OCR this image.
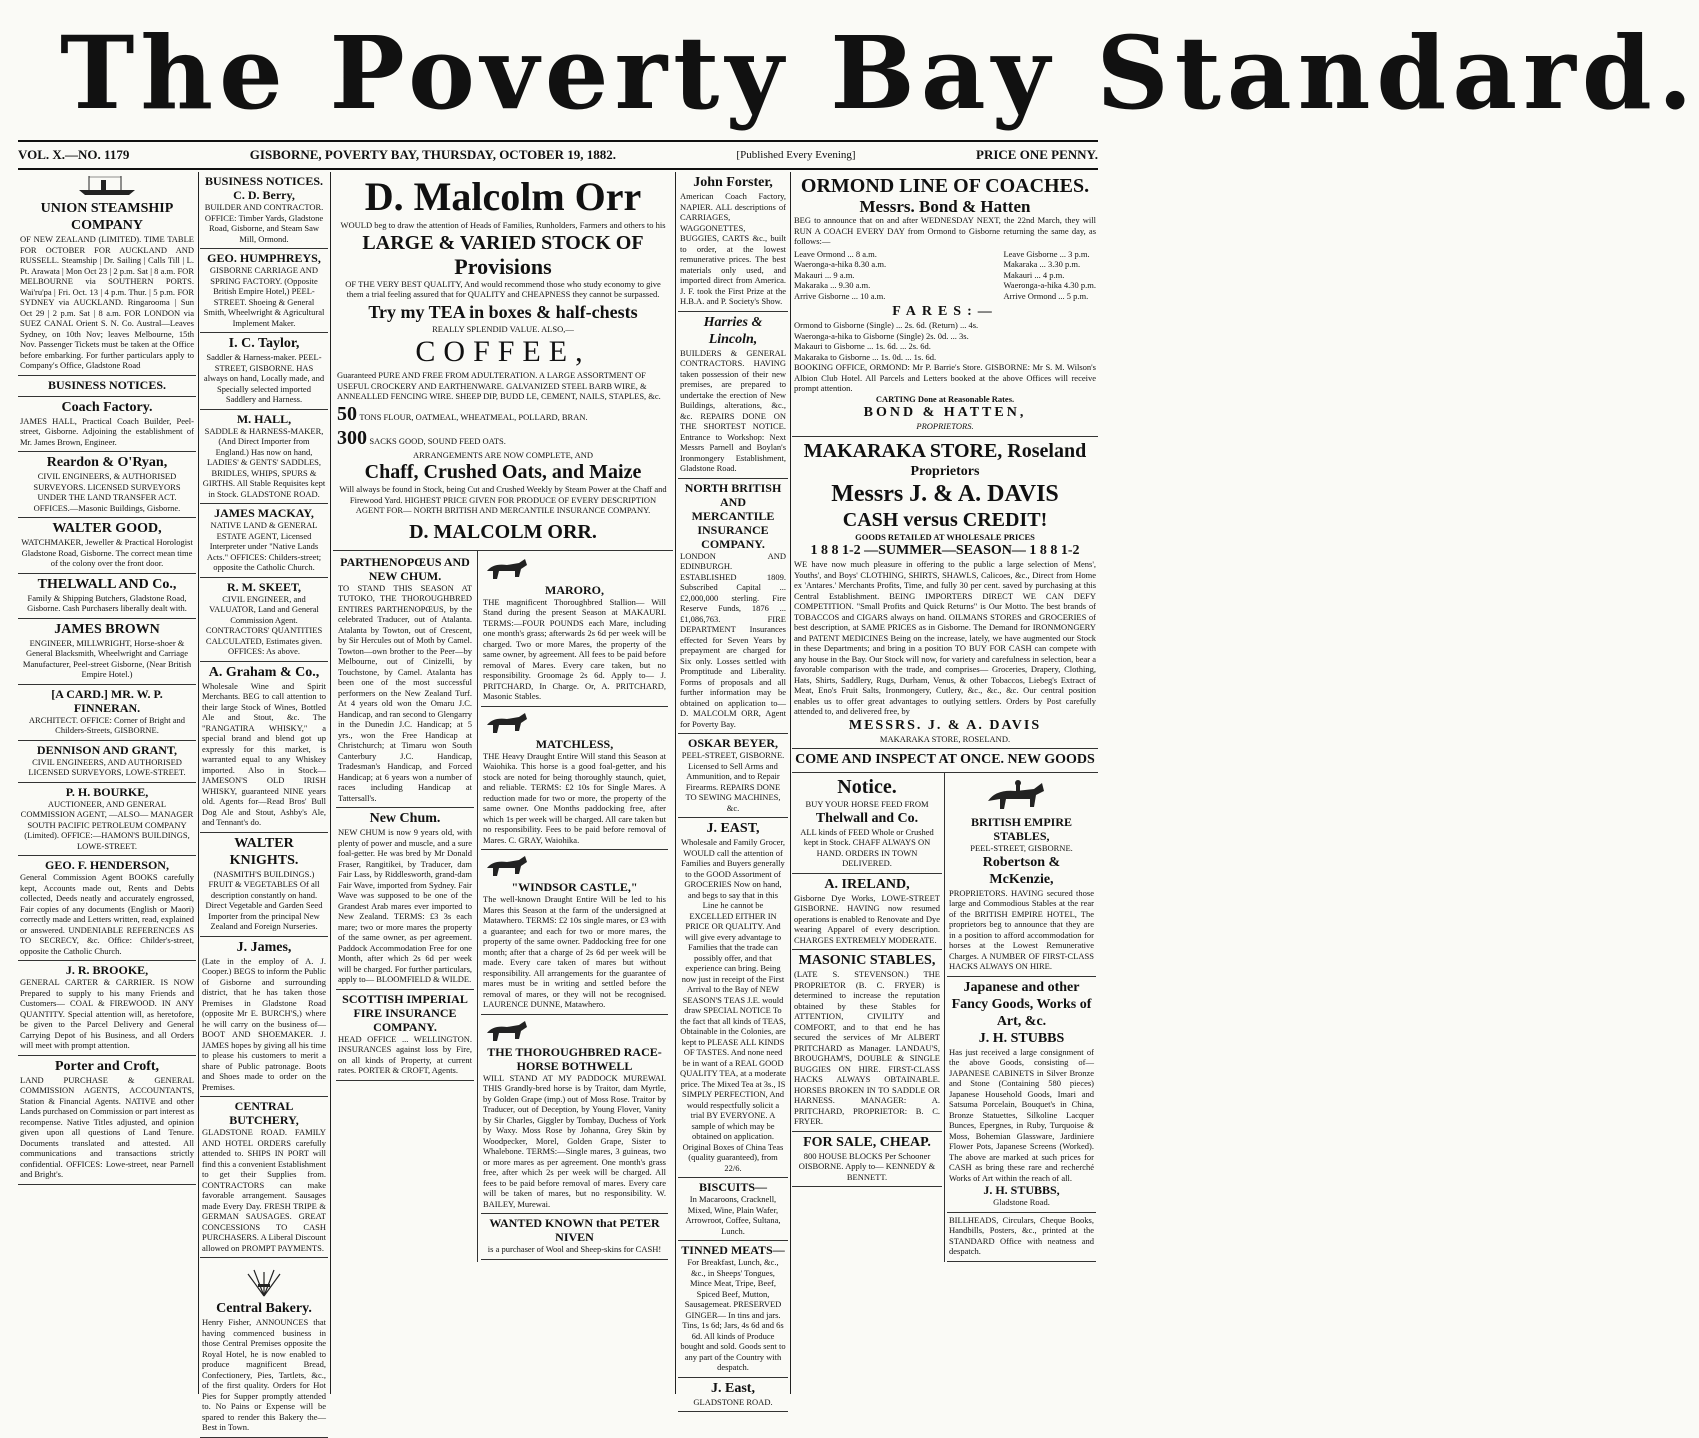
The Poverty Bay Standard.
VOL. X.—NO. 1179	GISBORNE, POVERTY BAY, THURSDAY, OCTOBER 19, 1882.	[Published Every Evening]	PRICE ONE PENNY.
UNION STEAMSHIP COMPANY
OF NEW ZEALAND (LIMITED). TIME TABLE FOR OCTOBER FOR AUCKLAND AND RUSSELL. Steamship | Dr. Sailing | Calls Till | L. Pt. Arawata | Mon Oct 23 | 2 p.m. Sat | 8 a.m. FOR MELBOURNE via SOUTHERN PORTS. Wai'ru'pa | Fri. Oct. 13 | 4 p.m. Thur. | 5 p.m. FOR SYDNEY via AUCKLAND. Ringarooma | Sun Oct 29 | 2 p.m. Sat | 8 a.m. FOR LONDON via SUEZ CANAL Orient S. N. Co. Austral—Leaves Sydney, on 10th Nov; leaves Melbourne, 15th Nov. Passenger Tickets must be taken at the Office before embarking. For further particulars apply to Company's Office, Gladstone Road
BUSINESS NOTICES.
Coach Factory.
JAMES HALL, Practical Coach Builder, Peel-street, Gisborne. Adjoining the establishment of Mr. James Brown, Engineer.
Reardon & O'Ryan,
CIVIL ENGINEERS, & AUTHORISED SURVEYORS. LICENSED SURVEYORS UNDER THE LAND TRANSFER ACT. OFFICES.—Masonic Buildings, Gisborne.
WALTER GOOD,
WATCHMAKER, Jeweller & Practical Horologist Gladstone Road, Gisborne. The correct mean time of the colony over the front door.
THELWALL AND Co.,
Family & Shipping Butchers, Gladstone Road, Gisborne. Cash Purchasers liberally dealt with.
JAMES BROWN
ENGINEER, MILLWRIGHT, Horse-shoer & General Blacksmith, Wheelwright and Carriage Manufacturer, Peel-street Gisborne, (Near British Empire Hotel.)
[A CARD.] MR. W. P. FINNERAN.
ARCHITECT. OFFICE: Corner of Bright and Childers-Streets, GISBORNE.
DENNISON AND GRANT,
CIVIL ENGINEERS, AND AUTHORISED LICENSED SURVEYORS, LOWE-STREET.
P. H. BOURKE,
AUCTIONEER, AND GENERAL COMMISSION AGENT, —ALSO— MANAGER SOUTH PACIFIC PETROLEUM COMPANY (Limited). OFFICE:—HAMON'S BUILDINGS, LOWE-STREET.
GEO. F. HENDERSON,
General Commission Agent BOOKS carefully kept, Accounts made out, Rents and Debts collected, Deeds neatly and accurately engrossed, Fair copies of any documents (English or Maori) correctly made and Letters written, read, explained or answered. UNDENIABLE REFERENCES AS TO SECRECY, &c. Office: Childer's-street, opposite the Catholic Church.
J. R. BROOKE,
GENERAL CARTER & CARRIER. IS NOW Prepared to supply to his many Friends and Customers— COAL & FIREWOOD. IN ANY QUANTITY. Special attention will, as heretofore, be given to the Parcel Delivery and General Carrying Depot of his Business, and all Orders will meet with prompt attention.
Porter and Croft,
LAND PURCHASE & GENERAL COMMISSION AGENTS, ACCOUNTANTS, Station & Financial Agents. NATIVE and other Lands purchased on Commission or part interest as recompense. Native Titles adjusted, and opinion given upon all questions of Land Tenure. Documents translated and attested. All communications and transactions strictly confidential. OFFICES: Lowe-street, near Parnell and Bright's.
BUSINESS NOTICES. C. D. Berry,
BUILDER AND CONTRACTOR. OFFICE: Timber Yards, Gladstone Road, Gisborne, and Steam Saw Mill, Ormond.
GEO. HUMPHREYS,
GISBORNE CARRIAGE AND SPRING FACTORY. (Opposite British Empire Hotel,) PEEL-STREET. Shoeing & General Smith, Wheelwright & Agricultural Implement Maker.
I. C. Taylor,
Saddler & Harness-maker. PEEL-STREET, GISBORNE. HAS always on hand, Locally made, and Specially selected imported Saddlery and Harness.
M. HALL,
SADDLE & HARNESS-MAKER, (And Direct Importer from England.) Has now on hand, LADIES' & GENTS' SADDLES, BRIDLES, WHIPS, SPURS & GIRTHS. All Stable Requisites kept in Stock. GLADSTONE ROAD.
JAMES MACKAY,
NATIVE LAND & GENERAL ESTATE AGENT, Licensed Interpreter under "Native Lands Acts." OFFICES: Childers-street; opposite the Catholic Church.
R. M. SKEET,
CIVIL ENGINEER, and VALUATOR, Land and General Commission Agent. CONTRACTORS' QUANTITIES CALCULATED, Estimates given. OFFICES: As above.
A. Graham & Co.,
Wholesale Wine and Spirit Merchants. BEG to call attention to their large Stock of Wines, Bottled Ale and Stout, &c. The "RANGATIRA WHISKY," a special brand and blend got up expressly for this market, is warranted equal to any Whiskey imported. Also in Stock—JAMESON'S OLD IRISH WHISKY, guaranteed NINE years old. Agents for—Read Bros' Bull Dog Ale and Stout, Ashby's Ale, and Tennant's do.
WALTER KNIGHTS.
(NASMITH'S BUILDINGS.) FRUIT & VEGETABLES Of all description constantly on hand. Direct Vegetable and Garden Seed Importer from the principal New Zealand and Foreign Nurseries.
J. James,
(Late in the employ of A. J. Cooper.) BEGS to inform the Public of Gisborne and surrounding district, that he has taken those Premises in Gladstone Road (opposite Mr E. BURCH'S,) where he will carry on the business of— BOOT AND SHOEMAKER. J. JAMES hopes by giving all his time to please his customers to merit a share of Public patronage. Boots and Shoes made to order on the Premises.
CENTRAL BUTCHERY,
GLADSTONE ROAD. FAMILY AND HOTEL ORDERS carefully attended to. SHIPS IN PORT will find this a convenient Establishment to get their Supplies from. CONTRACTORS can make favorable arrangement. Sausages made Every Day. FRESH TRIPE & GERMAN SAUSAGES. GREAT CONCESSIONS TO CASH PURCHASERS. A Liberal Discount allowed on PROMPT PAYMENTS.
Central Bakery.
Henry Fisher, ANNOUNCES that having commenced business in those Central Premises opposite the Royal Hotel, he is now enabled to produce magnificent Bread, Confectionery, Pies, Tartlets, &c., of the first quality. Orders for Hot Pies for Supper promptly attended to. No Pains or Expense will be spared to render this Bakery the— Best in Town.
D. Malcolm Orr
WOULD beg to draw the attention of Heads of Families, Runholders, Farmers and others to his
LARGE & VARIED STOCK OF
Provisions
OF THE VERY BEST QUALITY, And would recommend those who study economy to give them a trial feeling assured that for QUALITY and CHEAPNESS they cannot be surpassed.
Try my TEA in boxes & half-chests
REALLY SPLENDID VALUE. ALSO,—
COFFEE,
Guaranteed PURE AND FREE FROM ADULTERATION. A LARGE ASSORTMENT OF USEFUL CROCKERY AND EARTHENWARE. GALVANIZED STEEL BARB WIRE, & ANNEALLED FENCING WIRE. SHEEP DIP, BUDD LE, CEMENT, NAILS, STAPLES, &c.
50 TONS FLOUR, OATMEAL, WHEATMEAL, POLLARD, BRAN.
300 SACKS GOOD, SOUND FEED OATS.
ARRANGEMENTS ARE NOW COMPLETE, AND
Chaff, Crushed Oats, and Maize
Will always be found in Stock, being Cut and Crushed Weekly by Steam Power at the Chaff and Firewood Yard. HIGHEST PRICE GIVEN FOR PRODUCE OF EVERY DESCRIPTION AGENT FOR— NORTH BRITISH AND MERCANTILE INSURANCE COMPANY.
D. MALCOLM ORR.
PARTHENOPŒUS AND NEW CHUM.
TO STAND THIS SEASON AT TUTOKO, THE THOROUGHBRED ENTIRES PARTHENOPŒUS, by the celebrated Traducer, out of Atalanta. Atalanta by Towton, out of Crescent, by Sir Hercules out of Moth by Camel. Towton—own brother to the Peer—by Melbourne, out of Cinizelli, by Touchstone, by Camel. Atalanta has been one of the most successful performers on the New Zealand Turf. At 4 years old won the Omaru J.C. Handicap, and ran second to Glengarry in the Dunedin J.C. Handicap; at 5 yrs., won the Free Handicap at Christchurch; at Timaru won South Canterbury J.C. Handicap, Tradesman's Handicap, and Forced Handicap; at 6 years won a number of races including Handicap at Tattersall's.
New Chum.
NEW CHUM is now 9 years old, with plenty of power and muscle, and a sure foal-getter. He was bred by Mr Donald Fraser, Rangitikei, by Traducer, dam Fair Lass, by Riddlesworth, grand-dam Fair Wave, imported from Sydney. Fair Wave was supposed to be one of the Grandest Arab mares ever imported to New Zealand. TERMS: £3 3s each mare; two or more mares the property of the same owner, as per agreement. Paddock Accommodation Free for one Month, after which 2s 6d per week will be charged. For further particulars, apply to— BLOOMFIELD & WILDE.
SCOTTISH IMPERIAL FIRE INSURANCE COMPANY.
HEAD OFFICE ... WELLINGTON. INSURANCES against loss by Fire, on all kinds of Property, at current rates. PORTER & CROFT, Agents.
MARORO,
THE magnificent Thoroughbred Stallion— Will Stand during the present Season at MAKAURI. TERMS:—FOUR POUNDS each Mare, including one month's grass; afterwards 2s 6d per week will be charged. Two or more Mares, the property of the same owner, by agreement. All fees to be paid before removal of Mares. Every care taken, but no responsibility. Groomage 2s 6d. Apply to— J. PRITCHARD, In Charge. Or, A. PRITCHARD, Masonic Stables.
MATCHLESS,
THE Heavy Draught Entire Will stand this Season at Waiohika. This horse is a good foal-getter, and his stock are noted for being thoroughly staunch, quiet, and reliable. TERMS: £2 10s for Single Mares. A reduction made for two or more, the property of the same owner. One Months paddocking free, after which 1s per week will be charged. All care taken but no responsibility. Fees to be paid before removal of Mares. C. GRAY, Waiohika.
"WINDSOR CASTLE,"
The well-known Draught Entire Will be led to his Mares this Season at the farm of the undersigned at Matawhero. TERMS: £2 10s single mares, or £3 with a guarantee; and each for two or more mares, the property of the same owner. Paddocking free for one month; after that a charge of 2s 6d per week will be made. Every care taken of mares but without responsibility. All arrangements for the guarantee of mares must be in writing and settled before the removal of mares, or they will not be recognised. LAURENCE DUNNE, Matawhero.
THE THOROUGHBRED RACE-HORSE BOTHWELL
WILL STAND AT MY PADDOCK MUREWAI. THIS Grandly-bred horse is by Traitor, dam Myrtle, by Golden Grape (imp.) out of Moss Rose. Traitor by Traducer, out of Deception, by Young Flover, Vanity by Sir Charles, Giggler by Tombay, Duchess of York by Waxy. Moss Rose by Johanna, Grey Skin by Woodpecker, Morel, Golden Grape, Sister to Whalebone. TERMS:—Single mares, 3 guineas, two or more mares as per agreement. One month's grass free, after which 2s per week will be charged. All fees to be paid before removal of mares. Every care will be taken of mares, but no responsibility. W. BAILEY, Murewai.
WANTED KNOWN that PETER NIVEN
is a purchaser of Wool and Sheep-skins for CASH!
John Forster,
American Coach Factory, NAPIER. ALL descriptions of CARRIAGES, WAGGONETTES, BUGGIES, CARTS &c., built to order, at the lowest remunerative prices. The best materials only used, and imported direct from America. J. F. took the First Prize at the H.B.A. and P. Society's Show.
Harries & Lincoln,
BUILDERS & GENERAL CONTRACTORS. HAVING taken possession of their new premises, are prepared to undertake the erection of New Buildings, alterations, &c., &c. REPAIRS DONE ON THE SHORTEST NOTICE. Entrance to Workshop: Next Messrs Parnell and Boylan's Ironmongery Establishment, Gladstone Road.
NORTH BRITISH AND MERCANTILE INSURANCE COMPANY.
LONDON AND EDINBURGH. ESTABLISHED 1809. Subscribed Capital ... £2,000,000 sterling. Fire Reserve Funds, 1876 ... £1,086,763. FIRE DEPARTMENT Insurances effected for Seven Years by prepayment are charged for Six only. Losses settled with Promptitude and Liberality. Forms of proposals and all further information may be obtained on application to— D. MALCOLM ORR, Agent for Poverty Bay.
OSKAR BEYER,
PEEL-STREET, GISBORNE. Licensed to Sell Arms and Ammunition, and to Repair Firearms. REPAIRS DONE TO SEWING MACHINES, &c.
J. EAST,
Wholesale and Family Grocer, WOULD call the attention of Families and Buyers generally to the GOOD Assortment of GROCERIES Now on hand, and begs to say that in this Line he cannot be EXCELLED EITHER IN PRICE OR QUALITY. And will give every advantage to Families that the trade can possibly offer, and that experience can bring. Being now just in receipt of the First Arrival to the Bay of NEW SEASON'S TEAS J.E. would draw SPECIAL NOTICE To the fact that all kinds of TEAS, Obtainable in the Colonies, are kept to PLEASE ALL KINDS OF TASTES. And none need be in want of a REAL GOOD QUALITY TEA, at a moderate price. The Mixed Tea at 3s., IS SIMPLY PERFECTION, And would respectfully solicit a trial BY EVERYONE. A sample of which may be obtained on application. Original Boxes of China Teas (quality guaranteed), from 22/6.
BISCUITS—
In Macaroons, Cracknell, Mixed, Wine, Plain Wafer, Arrowroot, Coffee, Sultana, Lunch.
TINNED MEATS—
For Breakfast, Lunch, &c., &c., in Sheeps' Tongues, Mince Meat, Tripe, Beef, Spiced Beef, Mutton, Sausagemeat. PRESERVED GINGER— In tins and jars. Tins, 1s 6d; Jars, 4s 6d and 6s 6d. All kinds of Produce bought and sold. Goods sent to any part of the Country with despatch.
J. East,
GLADSTONE ROAD.
ORMOND LINE OF COACHES.
Messrs. Bond & Hatten
BEG to announce that on and after WEDNESDAY NEXT, the 22nd March, they will RUN A COACH EVERY DAY from Ormond to Gisborne returning the same day, as follows:—
Leave Ormond ... 8 a.m.
Waeronga-a-hika 8.30 a.m.
Makauri ... 9 a.m.
Makaraka ... 9.30 a.m.
Arrive Gisborne ... 10 a.m.
Leave Gisborne ... 3 p.m.
Makaraka ... 3.30 p.m.
Makauri ... 4 p.m.
Waeronga-a-hika 4.30 p.m.
Arrive Ormond ... 5 p.m.
FARES:—
Ormond to Gisborne (Single) ... 2s. 6d. (Return) ... 4s.
Waeronga-a-hika to Gisborne (Single) 2s. 0d. ... 3s.
Makauri to Gisborne ... 1s. 6d. ... 2s. 6d.
Makaraka to Gisborne ... 1s. 0d. ... 1s. 6d.
BOOKING OFFICE, ORMOND: Mr P. Barrie's Store. GISBORNE: Mr S. M. Wilson's Albion Club Hotel. All Parcels and Letters booked at the above Offices will receive prompt attention.
CARTING Done at Reasonable Rates.
BOND & HATTEN,
PROPRIETORS.
MAKARAKA STORE, Roseland
Proprietors
Messrs J. & A. DAVIS
CASH versus CREDIT!
GOODS RETAILED AT WHOLESALE PRICES
1 8 8 1-2 —SUMMER—SEASON— 1 8 8 1-2
WE have now much pleasure in offering to the public a large selection of Mens', Youths', and Boys' CLOTHING, SHIRTS, SHAWLS, Calicoes, &c., Direct from Home ex 'Antares.' Merchants Profits, Time, and fully 30 per cent. saved by purchasing at this Central Establishment. BEING IMPORTERS DIRECT WE CAN DEFY COMPETITION. "Small Profits and Quick Returns" is Our Motto. The best brands of TOBACCOS and CIGARS always on hand. OILMANS STORES and GROCERIES of best description, at SAME PRICES as in Gisborne. The Demand for IRONMONGERY and PATENT MEDICINES Being on the increase, lately, we have augmented our Stock in these Departments; and bring in a position TO BUY FOR CASH can compete with any house in the Bay. Our Stock will now, for variety and carefulness in selection, bear a favorable comparison with the trade, and comprises— Groceries, Drapery, Clothing, Hats, Shirts, Saddlery, Rugs, Durham, Venus, & other Tobaccos, Liebeg's Extract of Meat, Eno's Fruit Salts, Ironmongery, Cutlery, &c., &c., &c. Our central position enables us to offer great advantages to outlying settlers. Orders by Post carefully attended to, and delivered free, by
MESSRS. J. & A. DAVIS
MAKARAKA STORE, ROSELAND.
COME AND INSPECT AT ONCE. NEW GOODS
Notice.
BUY YOUR HORSE FEED FROM
Thelwall and Co.
ALL kinds of FEED Whole or Crushed kept in Stock. CHAFF ALWAYS ON HAND. ORDERS IN TOWN DELIVERED.
A. IRELAND,
Gisborne Dye Works, LOWE-STREET GISBORNE. HAVING now resumed operations is enabled to Renovate and Dye wearing Apparel of every description. CHARGES EXTREMELY MODERATE.
MASONIC STABLES,
(LATE S. STEVENSON.) THE PROPRIETOR (B. C. FRYER) is determined to increase the reputation obtained by these Stables for ATTENTION, CIVILITY and COMFORT, and to that end he has secured the services of Mr ALBERT PRITCHARD as Manager. LANDAU'S, BROUGHAM'S, DOUBLE & SINGLE BUGGIES ON HIRE. FIRST-CLASS HACKS ALWAYS OBTAINABLE. HORSES BROKEN IN TO SADDLE OR HARNESS. MANAGER: A. PRITCHARD, PROPRIETOR: B. C. FRYER.
FOR SALE, CHEAP.
800 HOUSE BLOCKS Per Schooner OISBORNE. Apply to— KENNEDY & BENNETT.
BRITISH EMPIRE STABLES,
PEEL-STREET, GISBORNE.
Robertson & McKenzie,
PROPRIETORS. HAVING secured those large and Commodious Stables at the rear of the BRITISH EMPIRE HOTEL, The proprietors beg to announce that they are in a position to afford accommodation for horses at the Lowest Remunerative Charges. A NUMBER OF FIRST-CLASS HACKS ALWAYS ON HIRE.
Japanese and other Fancy Goods, Works of Art, &c.
J. H. STUBBS
Has just received a large consignment of the above Goods, consisting of— JAPANESE CABINETS in Silver Bronze and Stone (Containing 580 pieces) Japanese Household Goods, Imari and Satsuma Porcelain, Bouquet's in China, Bronze Statuettes, Silkoline Lacquer Bunces, Epergnes, in Ruby, Turquoise & Moss, Bohemian Glassware, Jardiniere Flower Pots, Japanese Screens (Worked). The above are marked at such prices for CASH as bring these rare and recherché Works of Art within the reach of all.
J. H. STUBBS,
Gladstone Road.
BILLHEADS, Circulars, Cheque Books, Handbills, Posters, &c., printed at the STANDARD Office with neatness and despatch.
